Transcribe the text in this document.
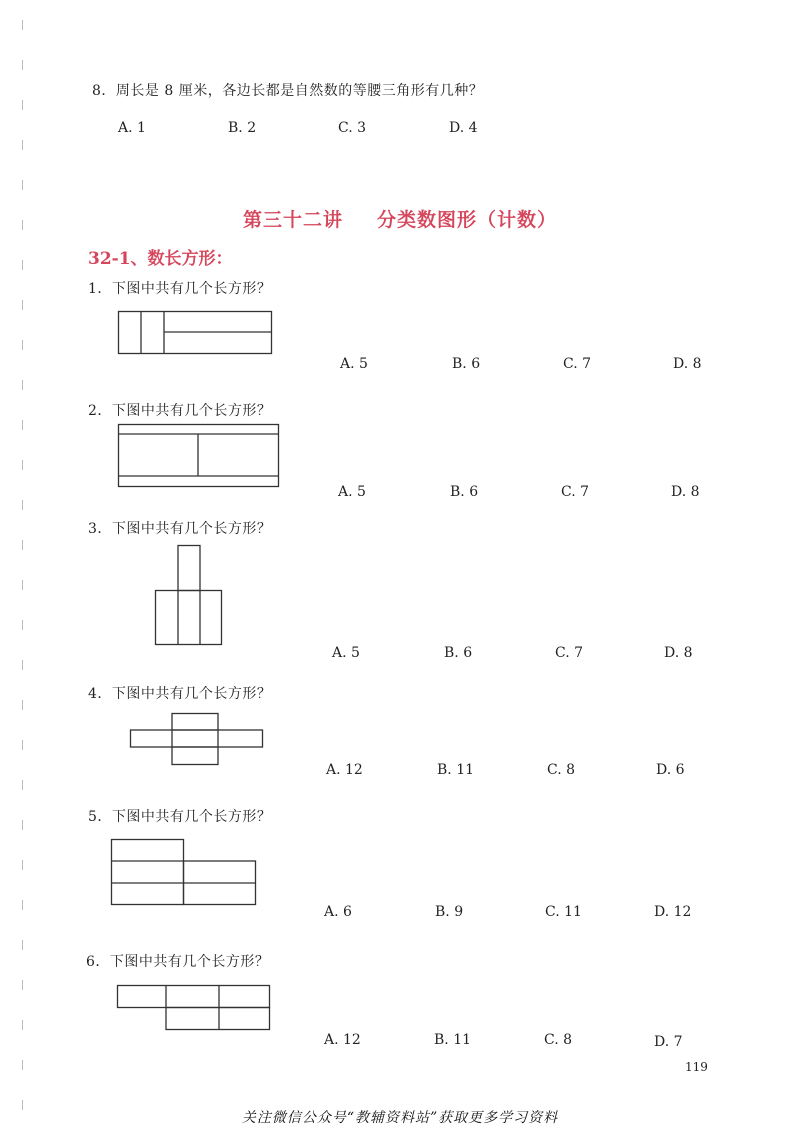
8．周长是 8 厘米，各边长都是自然数的等腰三角形有几种？
A. 1	B. 2	C. 3	D. 4
第三十二讲 分类数图形（计数）
32-1、数长方形：
1．下图中共有几个长方形？
A. 5	B. 6	C. 7	D. 8
2．下图中共有几个长方形？
A. 5	B. 6	C. 7	D. 8
3．下图中共有几个长方形？
A. 5	B. 6	C. 7	D. 8
4．下图中共有几个长方形？
A. 12	B. 11	C. 8	D. 6
5．下图中共有几个长方形？
A. 6	B. 9	C. 11	D. 12
6．下图中共有几个长方形？
A. 12	B. 11	C. 8	D. 7
119
关注微信公众号“教辅资料站”获取更多学习资料
